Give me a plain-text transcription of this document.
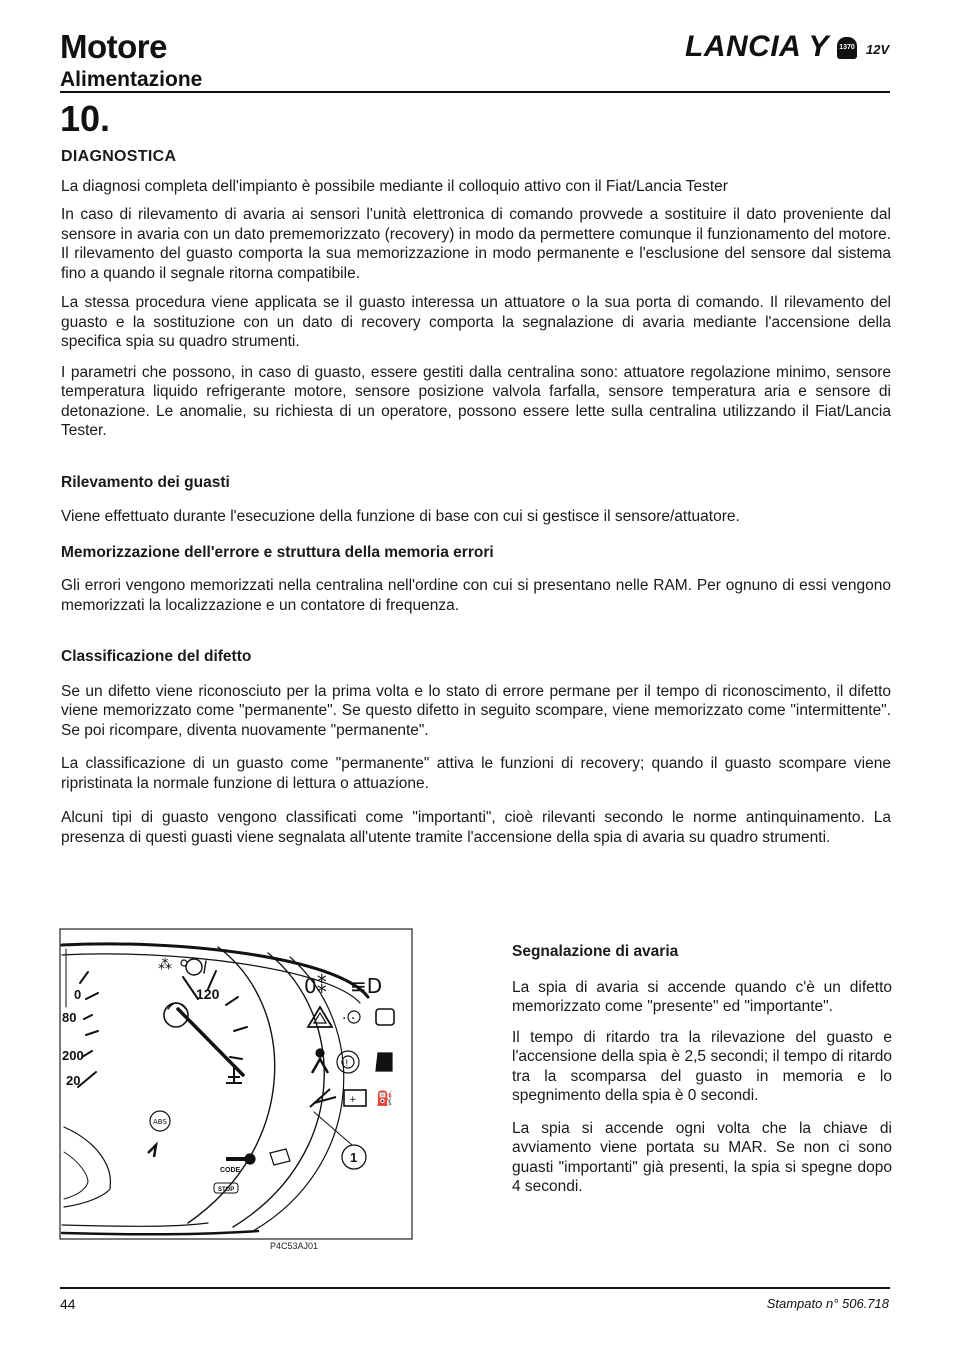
Motore
Alimentazione
LANCIA Y	1370 12V
10.
DIAGNOSTICA

La diagnosi completa dell'impianto è possibile mediante il colloquio attivo con il Fiat/Lancia Tester

In caso di rilevamento di avaria ai sensori l'unità elettronica di comando provvede a sostituire il dato proveniente dal sensore in avaria con un dato prememorizzato (recovery) in modo da permettere comunque il funzionamento del motore. Il rilevamento del guasto comporta la sua memorizzazione in modo permanente e l'esclusione del sensore dal sistema fino a quando il segnale ritorna compatibile.

La stessa procedura viene applicata se il guasto interessa un attuatore o la sua porta di comando. Il rilevamento del guasto e la sostituzione con un dato di recovery comporta la segnalazione di avaria mediante l'accensione della specifica spia su quadro strumenti.

I parametri che possono, in caso di guasto, essere gestiti dalla centralina sono: attuatore regolazione minimo, sensore temperatura liquido refrigerante motore, sensore posizione valvola farfalla, sensore temperatura aria e sensore di detonazione. Le anomalie, su richiesta di un operatore, possono essere lette sulla centralina utilizzando il Fiat/Lancia Tester.

Rilevamento dei guasti

Viene effettuato durante l'esecuzione della funzione di base con cui si gestisce il sensore/attuatore.

Memorizzazione dell'errore e struttura della memoria errori

Gli errori vengono memorizzati nella centralina nell'ordine con cui si presentano nelle RAM. Per ognuno di essi vengono memorizzati la localizzazione e un contatore di frequenza.

Classificazione del difetto

Se un difetto viene riconosciuto per la prima volta e lo stato di errore permane per il tempo di riconoscimento, il difetto viene memorizzato come "permanente". Se questo difetto in seguito scompare, viene memorizzato come "intermittente". Se poi ricompare, diventa nuovamente "permanente".

La classificazione di un guasto come "permanente" attiva le funzioni di recovery; quando il guasto scompare viene ripristinata la normale funzione di lettura o attuazione.

Alcuni tipi di guasto vengono classificati come "importanti", cioè rilevanti secondo le norme antinquinamento. La presenza di questi guasti viene segnalata all'utente tramite l'accensione della spia di avaria su quadro strumenti.

0
80
200
20
120
CODE
STOP
1
⁂
0⁑ ≡D
· ·
!
+ ⛽
ABS
P4C53AJ01
Segnalazione di avaria

La spia di avaria si accende quando c'è un difetto memorizzato come "presente" ed "importante".

Il tempo di ritardo tra la rilevazione del guasto e l'accensione della spia è 2,5 secondi; il tempo di ritardo tra la scomparsa del guasto in memoria e lo spegnimento della spia è 0 secondi.

La spia si accende ogni volta che la chiave di avviamento viene portata su MAR. Se non ci sono guasti "importanti" già presenti, la spia si spegne dopo 4 secondi.

44	Stampato n° 506.718
